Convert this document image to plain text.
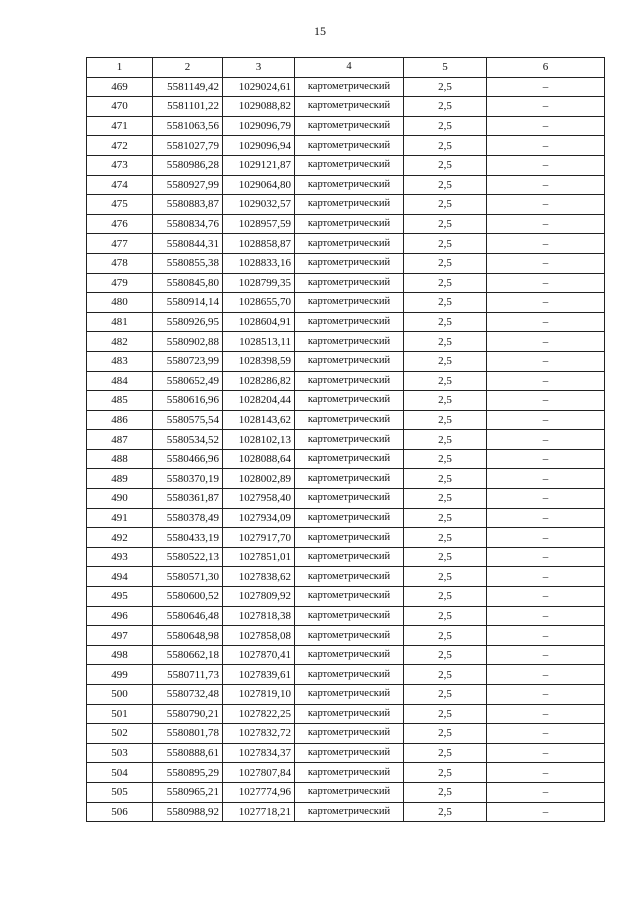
15
1	2	3	4	5	6
469	5581149,42	1029024,61	картометрический	2,5	–
470	5581101,22	1029088,82	картометрический	2,5	–
471	5581063,56	1029096,79	картометрический	2,5	–
472	5581027,79	1029096,94	картометрический	2,5	–
473	5580986,28	1029121,87	картометрический	2,5	–
474	5580927,99	1029064,80	картометрический	2,5	–
475	5580883,87	1029032,57	картометрический	2,5	–
476	5580834,76	1028957,59	картометрический	2,5	–
477	5580844,31	1028858,87	картометрический	2,5	–
478	5580855,38	1028833,16	картометрический	2,5	–
479	5580845,80	1028799,35	картометрический	2,5	–
480	5580914,14	1028655,70	картометрический	2,5	–
481	5580926,95	1028604,91	картометрический	2,5	–
482	5580902,88	1028513,11	картометрический	2,5	–
483	5580723,99	1028398,59	картометрический	2,5	–
484	5580652,49	1028286,82	картометрический	2,5	–
485	5580616,96	1028204,44	картометрический	2,5	–
486	5580575,54	1028143,62	картометрический	2,5	–
487	5580534,52	1028102,13	картометрический	2,5	–
488	5580466,96	1028088,64	картометрический	2,5	–
489	5580370,19	1028002,89	картометрический	2,5	–
490	5580361,87	1027958,40	картометрический	2,5	–
491	5580378,49	1027934,09	картометрический	2,5	–
492	5580433,19	1027917,70	картометрический	2,5	–
493	5580522,13	1027851,01	картометрический	2,5	–
494	5580571,30	1027838,62	картометрический	2,5	–
495	5580600,52	1027809,92	картометрический	2,5	–
496	5580646,48	1027818,38	картометрический	2,5	–
497	5580648,98	1027858,08	картометрический	2,5	–
498	5580662,18	1027870,41	картометрический	2,5	–
499	5580711,73	1027839,61	картометрический	2,5	–
500	5580732,48	1027819,10	картометрический	2,5	–
501	5580790,21	1027822,25	картометрический	2,5	–
502	5580801,78	1027832,72	картометрический	2,5	–
503	5580888,61	1027834,37	картометрический	2,5	–
504	5580895,29	1027807,84	картометрический	2,5	–
505	5580965,21	1027774,96	картометрический	2,5	–
506	5580988,92	1027718,21	картометрический	2,5	–
